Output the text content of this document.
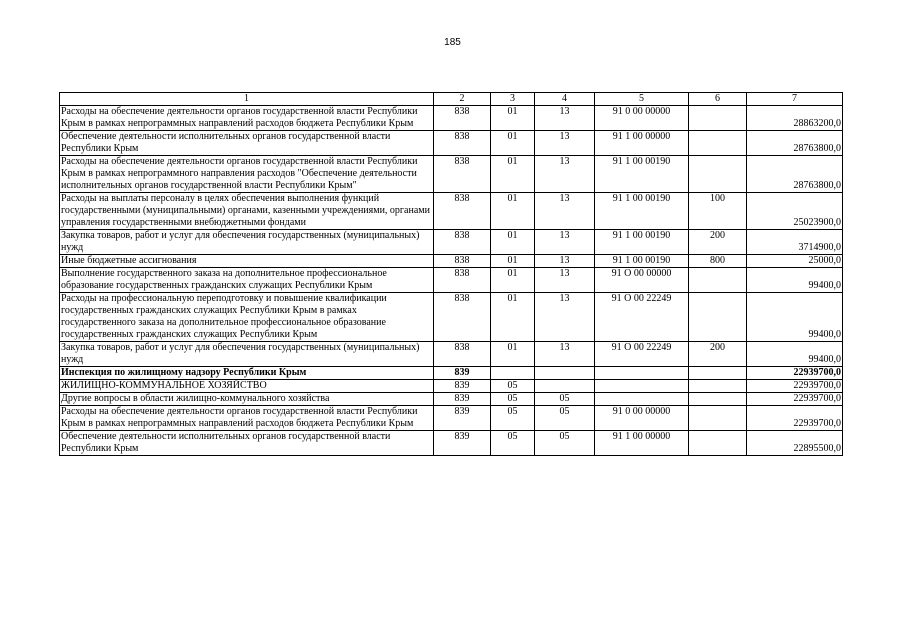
185
1	2	3	4	5	6	7
Расходы на обеспечение деятельности органов государственной власти Республики Крым в рамках непрограммных направлений расходов бюджета Республики Крым	838	01	13	91 0 00 00000		28863200,0
Обеспечение деятельности исполнительных органов государственной власти Республики Крым	838	01	13	91 1 00 00000		28763800,0
Расходы на обеспечение деятельности органов государственной власти Республики Крым в рамках непрограммного направления расходов "Обеспечение деятельности исполнительных органов государственной власти Республики Крым"	838	01	13	91 1 00 00190		28763800,0
Расходы на выплаты персоналу в целях обеспечения выполнения функций государственными (муниципальными) органами, казенными учреждениями, органами управления государственными внебюджетными фондами	838	01	13	91 1 00 00190	100	25023900,0
Закупка товаров, работ и услуг для обеспечения государственных (муниципальных) нужд	838	01	13	91 1 00 00190	200	3714900,0
Иные бюджетные ассигнования	838	01	13	91 1 00 00190	800	25000,0
Выполнение государственного заказа на дополнительное профессиональное образование государственных гражданских служащих Республики Крым	838	01	13	91 О 00 00000		99400,0
Расходы на профессиональную переподготовку и повышение квалификации государственных гражданских служащих Республики Крым в рамках государственного заказа на дополнительное профессиональное образование государственных гражданских служащих Республики Крым	838	01	13	91 О 00 22249		99400,0
Закупка товаров, работ и услуг для обеспечения государственных (муниципальных) нужд	838	01	13	91 О 00 22249	200	99400,0
Инспекция по жилищному надзору Республики Крым	839					22939700,0
ЖИЛИЩНО-КОММУНАЛЬНОЕ ХОЗЯЙСТВО	839	05				22939700,0
Другие вопросы в области жилищно-коммунального хозяйства	839	05	05			22939700,0
Расходы на обеспечение деятельности органов государственной власти Республики Крым в рамках непрограммных направлений расходов бюджета Республики Крым	839	05	05	91 0 00 00000		22939700,0
Обеспечение деятельности исполнительных органов государственной власти Республики Крым	839	05	05	91 1 00 00000		22895500,0
